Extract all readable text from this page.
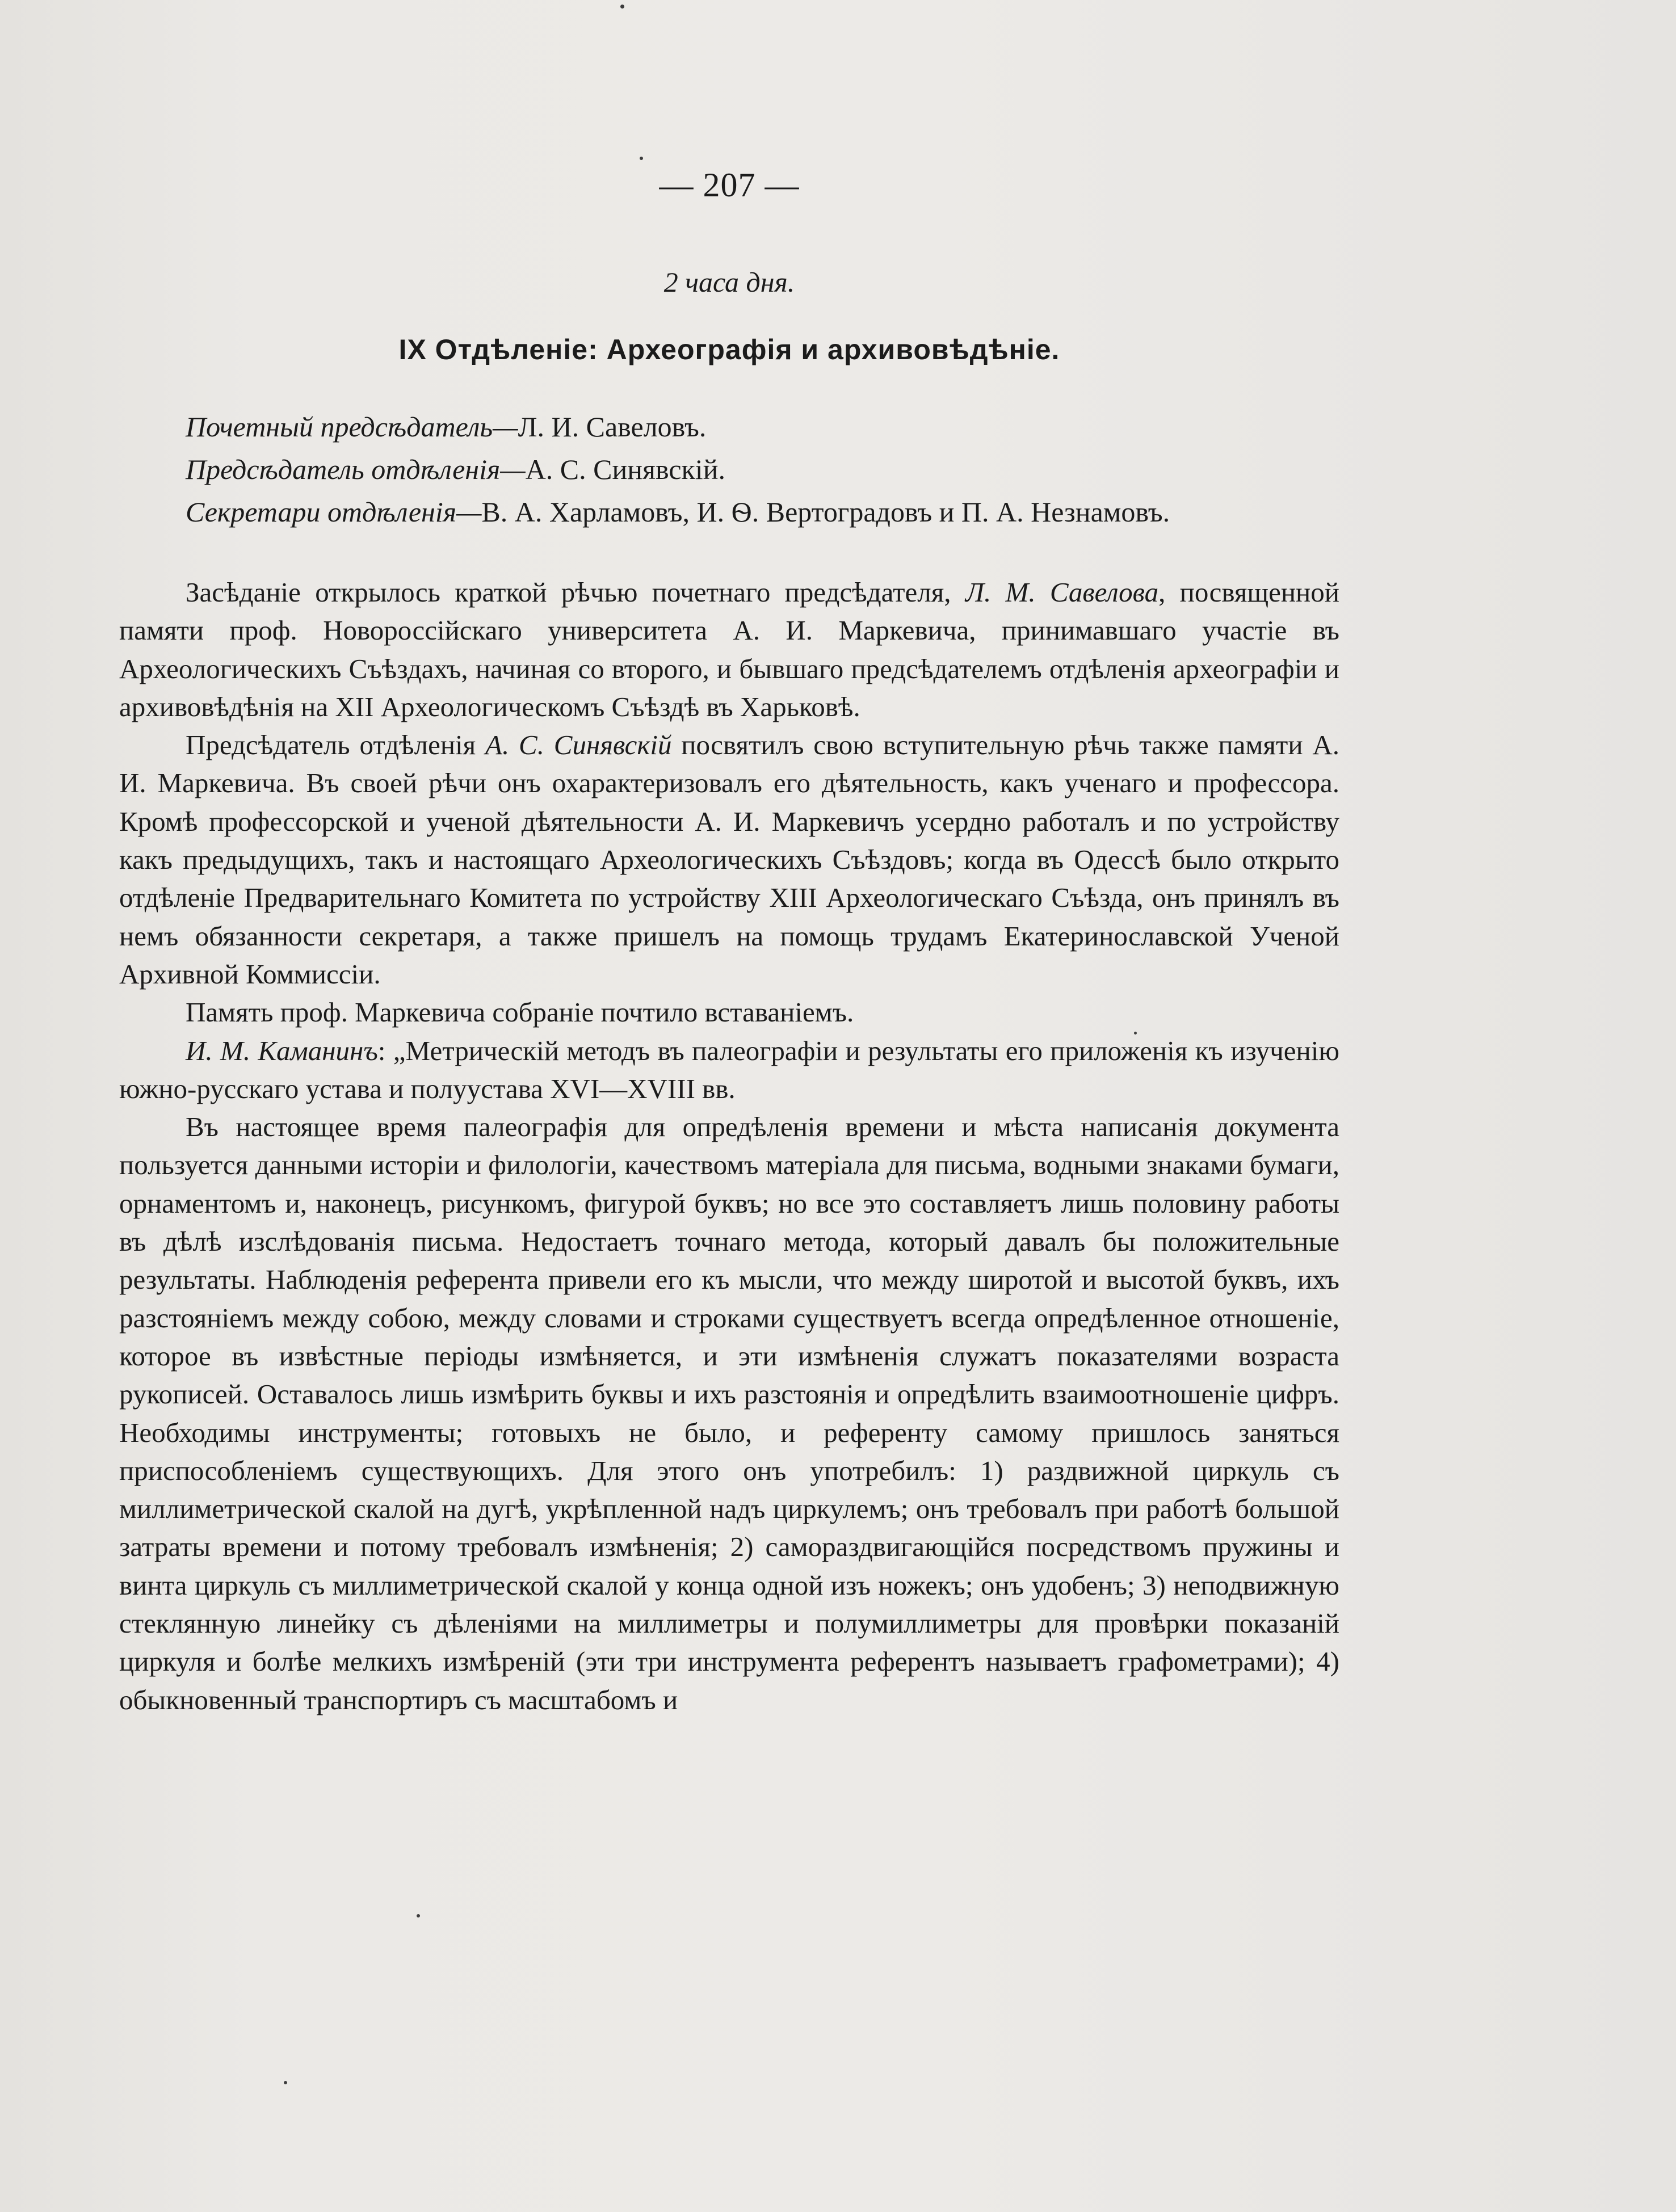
— 207 —
2 часа дня.
IX Отдѣленіе: Археографія и архивовѣдѣніе.
Почетный предсѣдатель—Л. И. Савеловъ.
Предсѣдатель отдѣленія—А. С. Синявскій.
Секретари отдѣленія—В. А. Харламовъ, И. Ѳ. Вертоградовъ и П. А. Незнамовъ.

Засѣданіе открылось краткой рѣчью почетнаго предсѣдателя, Л. М. Савелова, посвященной памяти проф. Новороссійскаго университета А. И. Маркевича, принимавшаго участіе въ Археологическихъ Съѣздахъ, начиная со второго, и бывшаго предсѣдателемъ отдѣленія археографіи и архивовѣдѣнія на XII Археологическомъ Съѣздѣ въ Харьковѣ.

Предсѣдатель отдѣленія А. С. Синявскій посвятилъ свою вступительную рѣчь также памяти А. И. Маркевича. Въ своей рѣчи онъ охарактеризовалъ его дѣятельность, какъ ученаго и профессора. Кромѣ профессорской и ученой дѣятельности А. И. Маркевичъ усердно работалъ и по устройству какъ предыдущихъ, такъ и настоящаго Археологическихъ Съѣздовъ; когда въ Одессѣ было открыто отдѣленіе Предварительнаго Комитета по устройству XIII Археологическаго Съѣзда, онъ принялъ въ немъ обязанности секретаря, а также пришелъ на помощь трудамъ Екатеринославской Ученой Архивной Коммиссіи.

Память проф. Маркевича собраніе почтило вставаніемъ.

И. М. Каманинъ: „Метрическій методъ въ палеографіи и результаты его приложенія къ изученію южно-русскаго устава и полуустава XVI—XVIII вв.

Въ настоящее время палеографія для опредѣленія времени и мѣста написанія документа пользуется данными исторіи и филологіи, качествомъ матеріала для письма, водными знаками бумаги, орнаментомъ и, наконецъ, рисункомъ, фигурой буквъ; но все это составляетъ лишь половину работы въ дѣлѣ изслѣдованія письма. Недостаетъ точнаго метода, который давалъ бы положительные результаты. Наблюденія референта привели его къ мысли, что между широтой и высотой буквъ, ихъ разстояніемъ между собою, между словами и строками существуетъ всегда опредѣленное отношеніе, которое въ извѣстные періоды измѣняется, и эти измѣненія служатъ показателями возраста рукописей. Оставалось лишь измѣрить буквы и ихъ разстоянія и опредѣлить взаимоотношеніе цифръ. Необходимы инструменты; готовыхъ не было, и референту самому пришлось заняться приспособленіемъ существующихъ. Для этого онъ употребилъ: 1) раздвижной циркуль съ миллиметрической скалой на дугѣ, укрѣпленной надъ циркулемъ; онъ требовалъ при работѣ большой затраты времени и потому требовалъ измѣненія; 2) самораздвигающійся посредствомъ пружины и винта циркуль съ миллиметрической скалой у конца одной изъ ножекъ; онъ удобенъ; 3) неподвижную стеклянную линейку съ дѣленіями на миллиметры и полумиллиметры для провѣрки показаній циркуля и болѣе мелкихъ измѣреній (эти три инструмента референтъ называетъ графометрами); 4) обыкновенный транспортиръ съ масштабомъ и
